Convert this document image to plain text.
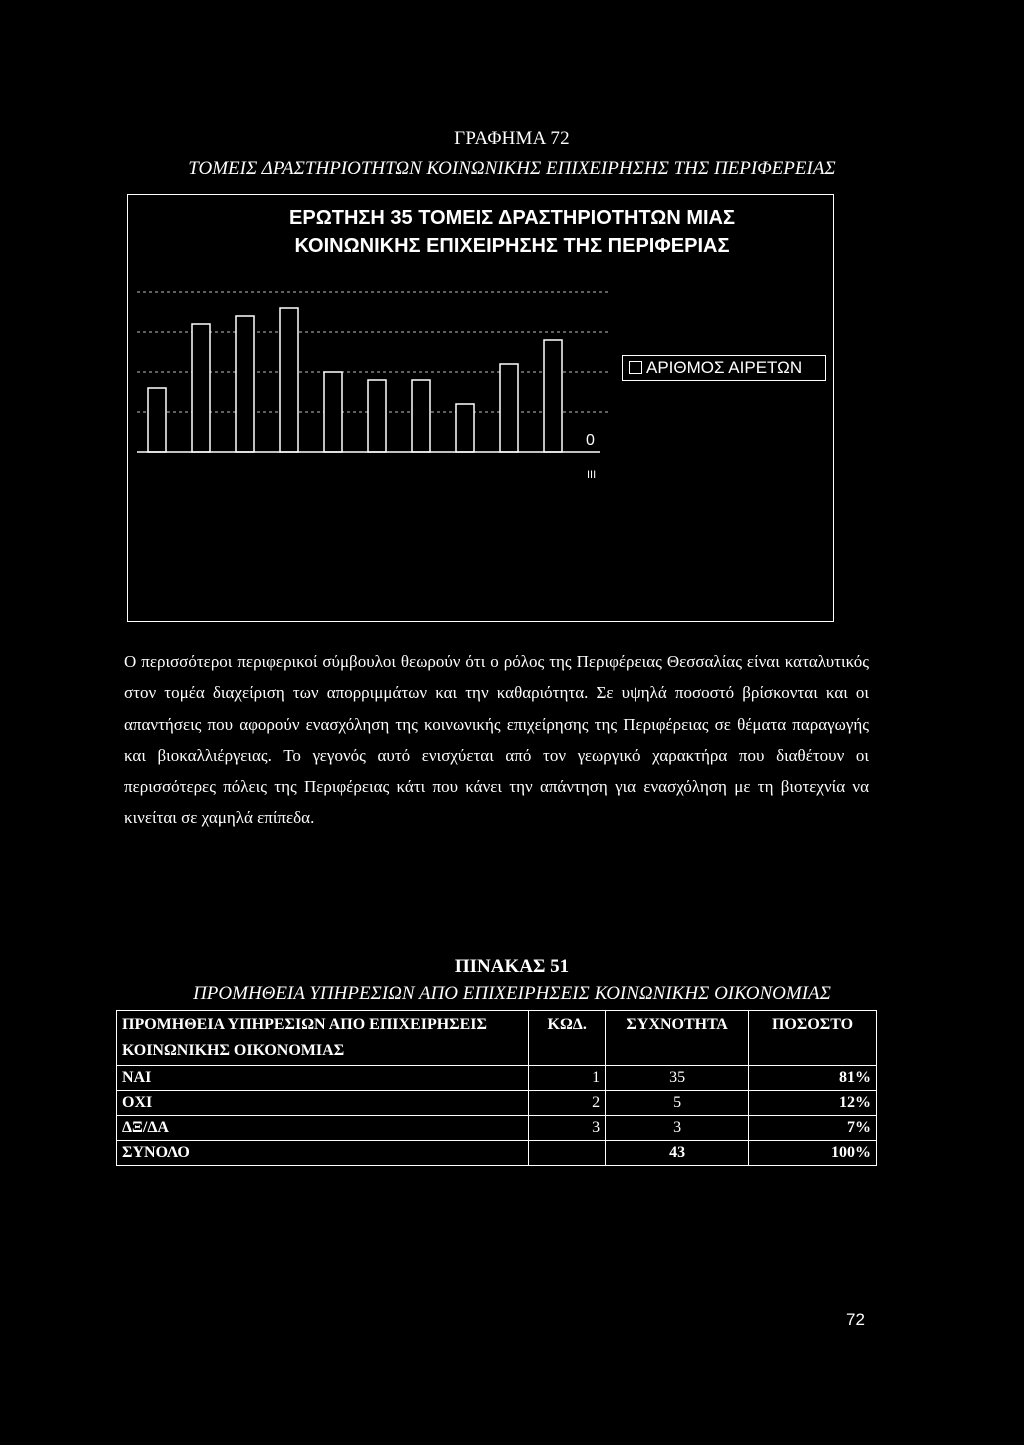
ΓΡΑΦΗΜΑ 72
ΤΟΜΕΙΣ ΔΡΑΣΤΗΡΙΟΤΗΤΩΝ ΚΟΙΝΩΝΙΚΗΣ ΕΠΙΧΕΙΡΗΣΗΣ ΤΗΣ ΠΕΡΙΦΕΡΕΙΑΣ
ΕΡΩΤΗΣΗ 35 ΤΟΜΕΙΣ ΔΡΑΣΤΗΡΙΟΤΗΤΩΝ ΜΙΑΣ
ΚΟΙΝΩΝΙΚΗΣ ΕΠΙΧΕΙΡΗΣΗΣ ΤΗΣ ΠΕΡΙΦΕΡΙΑΣ
ΑΡΙΘΜΟΣ ΑΙΡΕΤΩΝ
0
III
Ο περισσότεροι περιφερικοί σύμβουλοι θεωρούν ότι ο ρόλος της Περιφέρειας Θεσσαλίας είναι καταλυτικός στον τομέα διαχείριση των απορριμμάτων και την καθαριότητα. Σε υψηλά ποσοστό βρίσκονται και οι απαντήσεις που αφορούν ενασχόληση της κοινωνικής επιχείρησης της Περιφέρειας σε θέματα παραγωγής και βιοκαλλιέργειας. Το γεγονός αυτό ενισχύεται από τον γεωργικό χαρακτήρα που διαθέτουν οι περισσότερες πόλεις της Περιφέρειας κάτι που κάνει την απάντηση για ενασχόληση με τη βιοτεχνία να κινείται σε χαμηλά επίπεδα.
ΠΙΝΑΚΑΣ 51
ΠΡΟΜΗΘΕΙΑ ΥΠΗΡΕΣΙΩΝ ΑΠΟ ΕΠΙΧΕΙΡΗΣΕΙΣ ΚΟΙΝΩΝΙΚΗΣ ΟΙΚΟΝΟΜΙΑΣ
ΠΡΟΜΗΘΕΙΑ ΥΠΗΡΕΣΙΩΝ ΑΠΟ ΕΠΙΧΕΙΡΗΣΕΙΣ ΚΟΙΝΩΝΙΚΗΣ ΟΙΚΟΝΟΜΙΑΣ	ΚΩΔ.	ΣΥΧΝΟΤΗΤΑ	ΠΟΣΟΣΤΟ
ΝΑΙ	1	35	81%
ΟΧΙ	2	5	12%
ΔΞ/ΔΑ	3	3	7%
ΣΥΝΟΛΟ		43	100%
72
